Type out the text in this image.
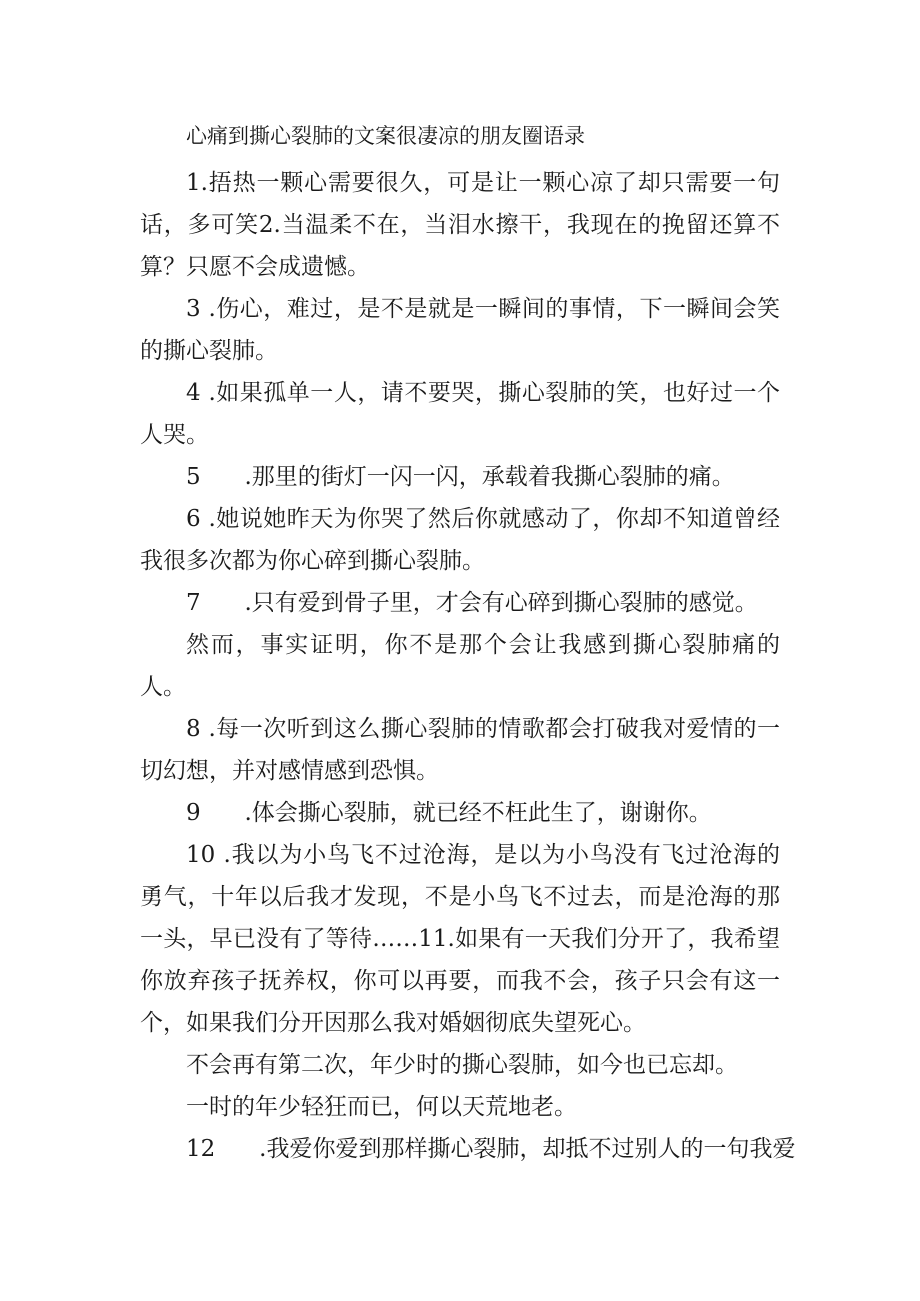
心痛到撕心裂肺的文案很凄凉的朋友圈语录

1.捂热一颗心需要很久，可是让一颗心凉了却只需要一句话，多可笑2.当温柔不在，当泪水擦干，我现在的挽留还算不算？只愿不会成遗憾。

3 .伤心，难过，是不是就是一瞬间的事情，下一瞬间会笑的撕心裂肺。

4 .如果孤单一人，请不要哭，撕心裂肺的笑，也好过一个人哭。

5      .那里的街灯一闪一闪，承载着我撕心裂肺的痛。

6 .她说她昨天为你哭了然后你就感动了，你却不知道曾经我很多次都为你心碎到撕心裂肺。

7      .只有爱到骨子里，才会有心碎到撕心裂肺的感觉。

然而，事实证明，你不是那个会让我感到撕心裂肺痛的人。

8 .每一次听到这么撕心裂肺的情歌都会打破我对爱情的一切幻想，并对感情感到恐惧。

9      .体会撕心裂肺，就已经不枉此生了，谢谢你。

10 .我以为小鸟飞不过沧海，是以为小鸟没有飞过沧海的勇气，十年以后我才发现，不是小鸟飞不过去，而是沧海的那一头，早已没有了等待……11.如果有一天我们分开了，我希望你放弃孩子抚养权，你可以再要，而我不会，孩子只会有这一个，如果我们分开因那么我对婚姻彻底失望死心。

不会再有第二次，年少时的撕心裂肺，如今也已忘却。

一时的年少轻狂而已，何以天荒地老。

12      .我爱你爱到那样撕心裂肺，却抵不过别人的一句我爱
